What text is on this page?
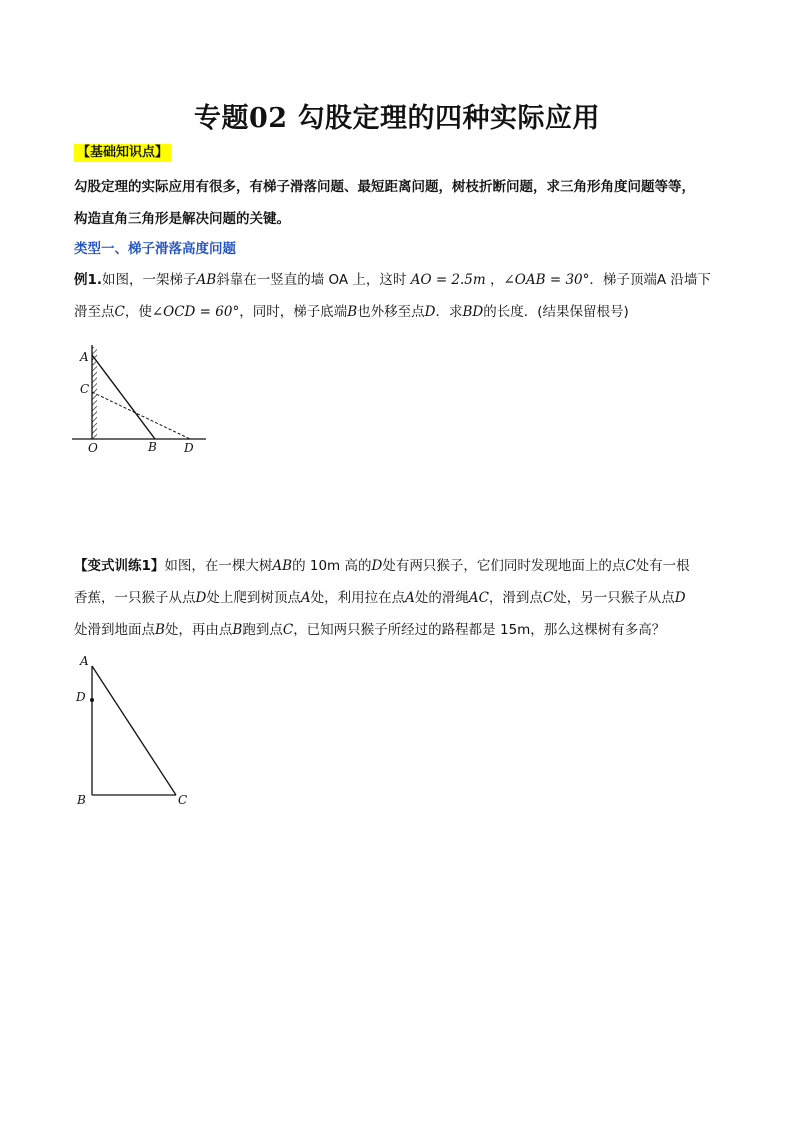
专题02 勾股定理的四种实际应用
【基础知识点】
勾股定理的实际应用有很多，有梯子滑落问题、最短距离问题，树枝折断问题，求三角形角度问题等等，
构造直角三角形是解决问题的关键。
类型一、梯子滑落高度问题
例1.如图，一架梯子AB斜靠在一竖直的墙 OA 上，这时 AO = 2.5m ，∠OAB = 30°．梯子顶端A 沿墙下
滑至点C，使∠OCD = 60°，同时，梯子底端B也外移至点D．求BD的长度．(结果保留根号)
A
C
O	B D
【变式训练1】如图，在一棵大树AB的 10m 高的D处有两只猴子，它们同时发现地面上的点C处有一根
香蕉，一只猴子从点D处上爬到树顶点A处，利用拉在点A处的滑绳AC，滑到点C处，另一只猴子从点D
处滑到地面点B处，再由点B跑到点C，已知两只猴子所经过的路程都是 15m，那么这棵树有多高？
A
D
B	C
